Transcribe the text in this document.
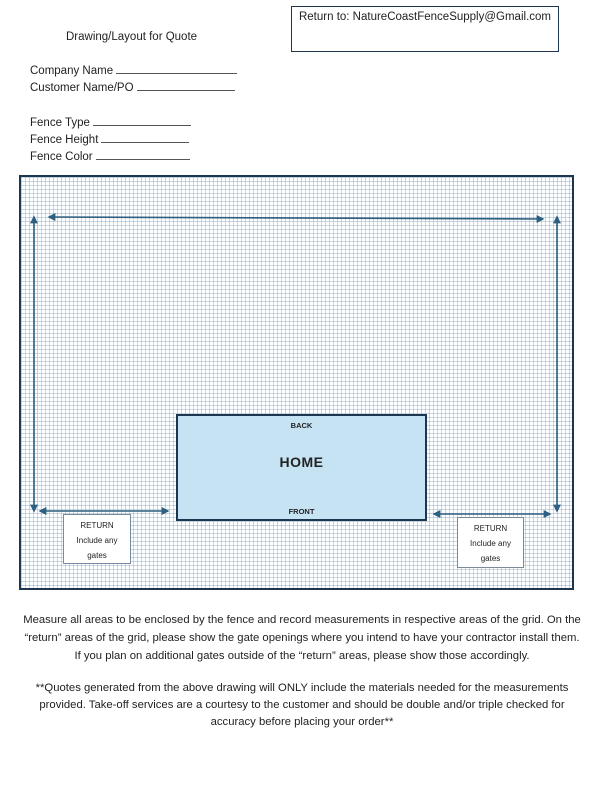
Return to: NatureCoastFenceSupply@Gmail.com
Drawing/Layout for Quote
Company Name
Customer Name/PO
Fence Type
Fence Height
Fence Color
BACK
HOME
FRONT
RETURN
Include any
gates
RETURN
Include any
gates
Measure all areas to be enclosed by the fence and record measurements in respective areas of the grid. On the “return” areas of the grid, please show the gate openings where you intend to have your contractor install them. If you plan on additional gates outside of the “return” areas, please show those accordingly.
**Quotes generated from the above drawing will ONLY include the materials needed for the measurements provided. Take-off services are a courtesy to the customer and should be double and/or triple checked for accuracy before placing your order**
